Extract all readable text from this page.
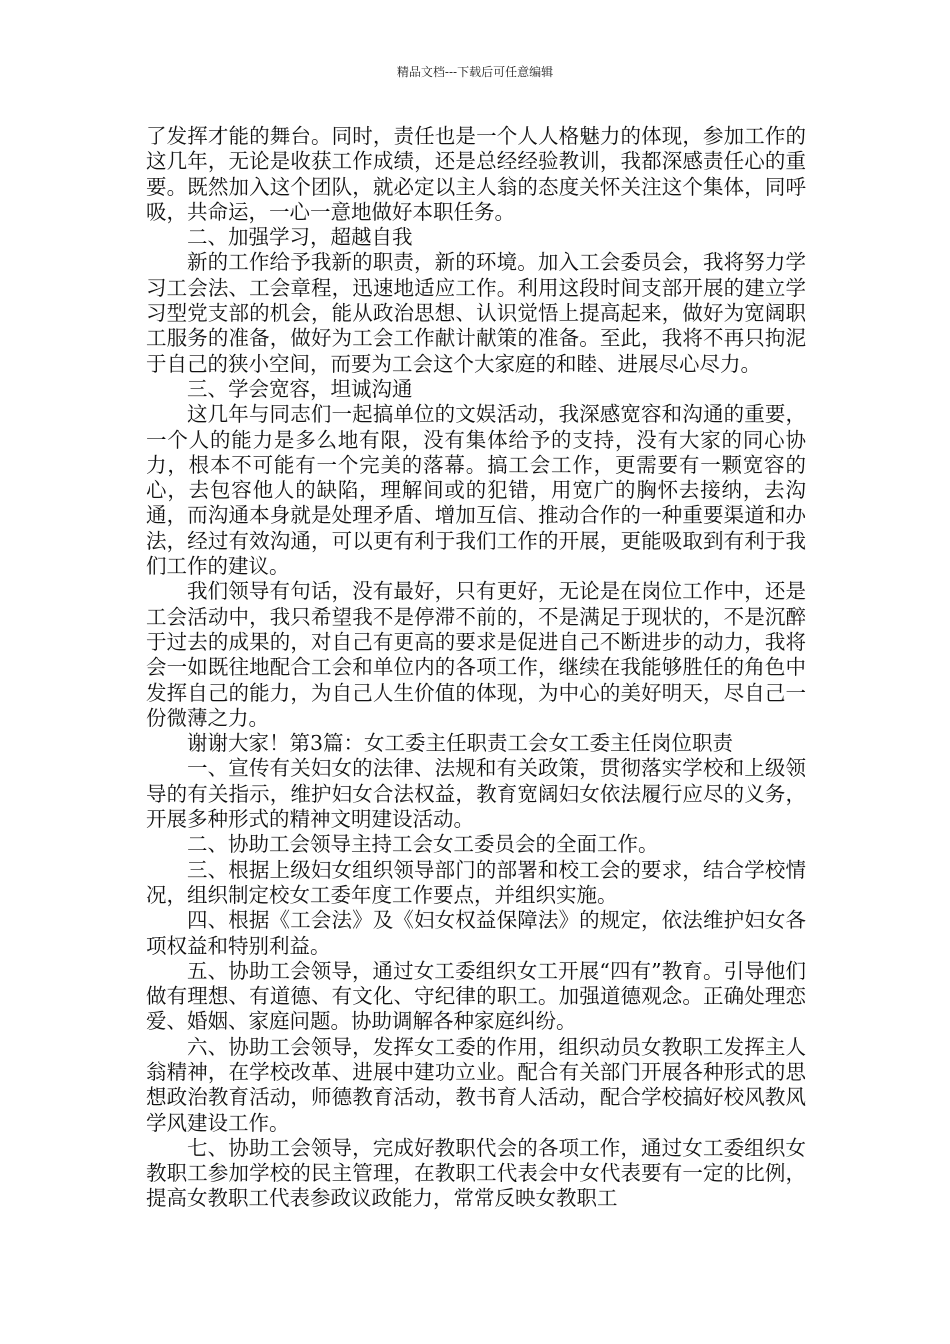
精品文档---下载后可任意编辑

了发挥才能的舞台。同时，责任也是一个人人格魅力的体现，参加工作的这几年，无论是收获工作成绩，还是总经经验教训，我都深感责任心的重要。既然加入这个团队，就必定以主人翁的态度关怀关注这个集体，同呼吸，共命运，一心一意地做好本职任务。

二、加强学习，超越自我

新的工作给予我新的职责，新的环境。加入工会委员会，我将努力学习工会法、工会章程，迅速地适应工作。利用这段时间支部开展的建立学习型党支部的机会，能从政治思想、认识觉悟上提高起来，做好为宽阔职工服务的准备，做好为工会工作献计献策的准备。至此，我将不再只拘泥于自己的狭小空间，而要为工会这个大家庭的和睦、进展尽心尽力。

三、学会宽容，坦诚沟通

这几年与同志们一起搞单位的文娱活动，我深感宽容和沟通的重要，一个人的能力是多么地有限，没有集体给予的支持，没有大家的同心协力，根本不可能有一个完美的落幕。搞工会工作，更需要有一颗宽容的心，去包容他人的缺陷，理解间或的犯错，用宽广的胸怀去接纳，去沟通，而沟通本身就是处理矛盾、增加互信、推动合作的一种重要渠道和办法，经过有效沟通，可以更有利于我们工作的开展，更能吸取到有利于我们工作的建议。

我们领导有句话，没有最好，只有更好，无论是在岗位工作中，还是工会活动中，我只希望我不是停滞不前的，不是满足于现状的，不是沉醉于过去的成果的，对自己有更高的要求是促进自己不断进步的动力，我将会一如既往地配合工会和单位内的各项工作，继续在我能够胜任的角色中发挥自己的能力，为自己人生价值的体现，为中心的美好明天，尽自己一份微薄之力。

谢谢大家！第3篇：女工委主任职责工会女工委主任岗位职责

一、宣传有关妇女的法律、法规和有关政策，贯彻落实学校和上级领导的有关指示，维护妇女合法权益，教育宽阔妇女依法履行应尽的义务，开展多种形式的精神文明建设活动。

二、协助工会领导主持工会女工委员会的全面工作。

三、根据上级妇女组织领导部门的部署和校工会的要求，结合学校情况，组织制定校女工委年度工作要点，并组织实施。

四、根据《工会法》及《妇女权益保障法》的规定，依法维护妇女各项权益和特别利益。

五、协助工会领导，通过女工委组织女工开展“四有”教育。引导他们做有理想、有道德、有文化、守纪律的职工。加强道德观念。正确处理恋爱、婚姻、家庭问题。协助调解各种家庭纠纷。

六、协助工会领导，发挥女工委的作用，组织动员女教职工发挥主人翁精神，在学校改革、进展中建功立业。配合有关部门开展各种形式的思想政治教育活动，师德教育活动，教书育人活动，配合学校搞好校风教风学风建设工作。

七、协助工会领导，完成好教职代会的各项工作，通过女工委组织女教职工参加学校的民主管理，在教职工代表会中女代表要有一定的比例，提高女教职工代表参政议政能力，常常反映女教职工
